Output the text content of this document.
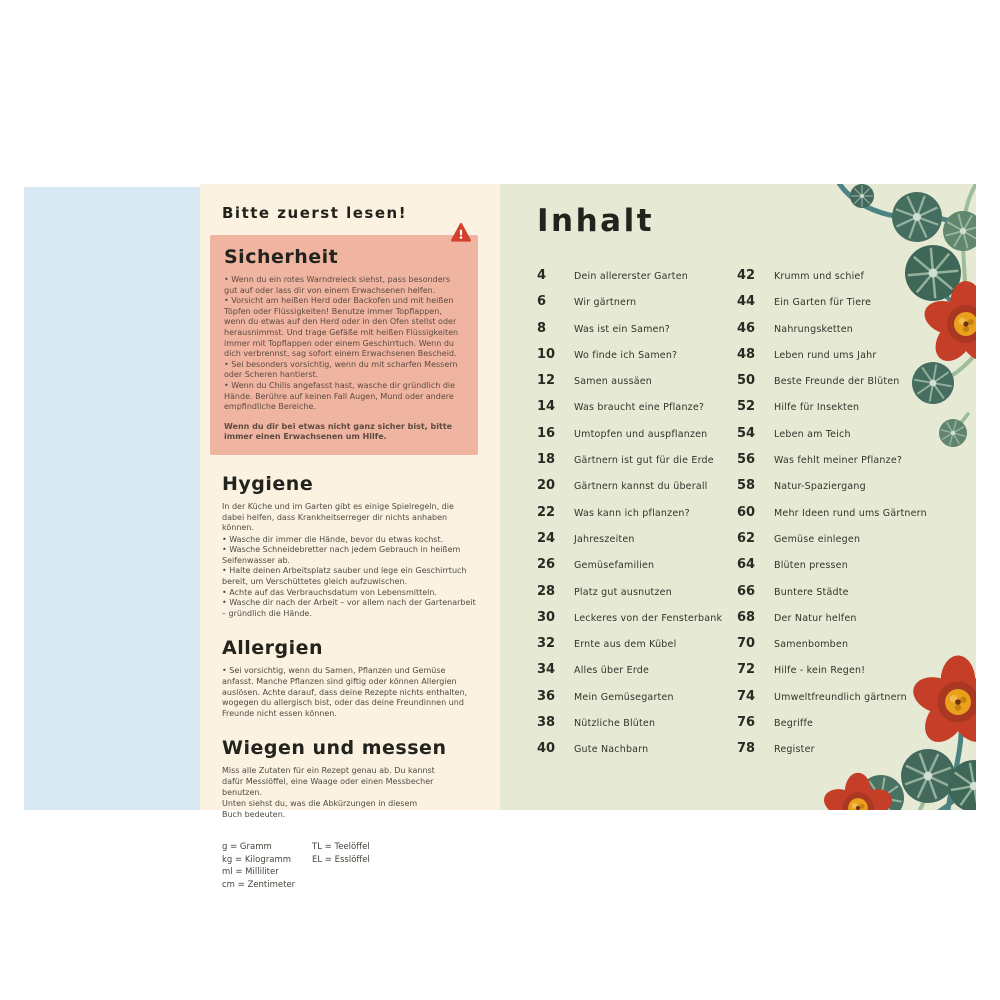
Bitte zuerst lesen!
Sicherheit
• Wenn du ein rotes Warndreieck siehst, pass besonders gut auf oder lass dir von einem Erwachsenen helfen.
• Vorsicht am heißen Herd oder Backofen und mit heißen Töpfen oder Flüssigkeiten! Benutze immer Topflappen, wenn du etwas auf den Herd oder in den Ofen stellst oder herausnimmst. Und trage Gefäße mit heißen Flüssigkeiten immer mit Topflappen oder einem Geschirrtuch. Wenn du dich verbrennst, sag sofort einem Erwachsenen Bescheid.
• Sei besonders vorsichtig, wenn du mit scharfen Messern oder Scheren hantierst.
• Wenn du Chilis angefasst hast, wasche dir gründlich die Hände. Berühre auf keinen Fall Augen, Mund oder andere empfindliche Bereiche.

Wenn du dir bei etwas nicht ganz sicher bist, bitte immer einen Erwachsenen um Hilfe.

Hygiene

In der Küche und im Garten gibt es einige Spielregeln, die dabei helfen, dass Krankheitserreger dir nichts anhaben können.

• Wasche dir immer die Hände, bevor du etwas kochst.
• Wasche Schneidebretter nach jedem Gebrauch in heißem Seifenwasser ab.
• Halte deinen Arbeitsplatz sauber und lege ein Geschirrtuch bereit, um Verschüttetes gleich aufzuwischen.
• Achte auf das Verbrauchsdatum von Lebensmitteln.
• Wasche dir nach der Arbeit – vor allem nach der Gartenarbeit – gründlich die Hände.
Allergien
• Sei vorsichtig, wenn du Samen, Pflanzen und Gemüse anfasst. Manche Pflanzen sind giftig oder können Allergien auslösen. Achte darauf, dass deine Rezepte nichts enthalten, wogegen du allergisch bist, oder das deine Freundinnen und Freunde nicht essen können.
Wiegen und messen

Miss alle Zutaten für ein Rezept genau ab. Du kannst dafür Messlöffel, eine Waage oder einen Messbecher benutzen.

Unten siehst du, was die Abkürzungen in diesem Buch bedeuten.

g = Gramm
kg = Kilogramm
ml = Milliliter
cm = Zentimeter
TL = Teelöffel
EL = Esslöffel
Inhalt
4	Dein allererster Garten
6	Wir gärtnern
8	Was ist ein Samen?
10	Wo finde ich Samen?
12	Samen aussäen
14	Was braucht eine Pflanze?
16	Umtopfen und auspflanzen
18	Gärtnern ist gut für die Erde
20	Gärtnern kannst du überall
22	Was kann ich pflanzen?
24	Jahreszeiten
26	Gemüsefamilien
28	Platz gut ausnutzen
30	Leckeres von der Fensterbank
32	Ernte aus dem Kübel
34	Alles über Erde
36	Mein Gemüsegarten
38	Nützliche Blüten
40	Gute Nachbarn
42	Krumm und schief
44	Ein Garten für Tiere
46	Nahrungsketten
48	Leben rund ums Jahr
50	Beste Freunde der Blüten
52	Hilfe für Insekten
54	Leben am Teich
56	Was fehlt meiner Pflanze?
58	Natur-Spaziergang
60	Mehr Ideen rund ums Gärtnern
62	Gemüse einlegen
64	Blüten pressen
66	Buntere Städte
68	Der Natur helfen
70	Samenbomben
72	Hilfe - kein Regen!
74	Umweltfreundlich gärtnern
76	Begriffe
78	Register
